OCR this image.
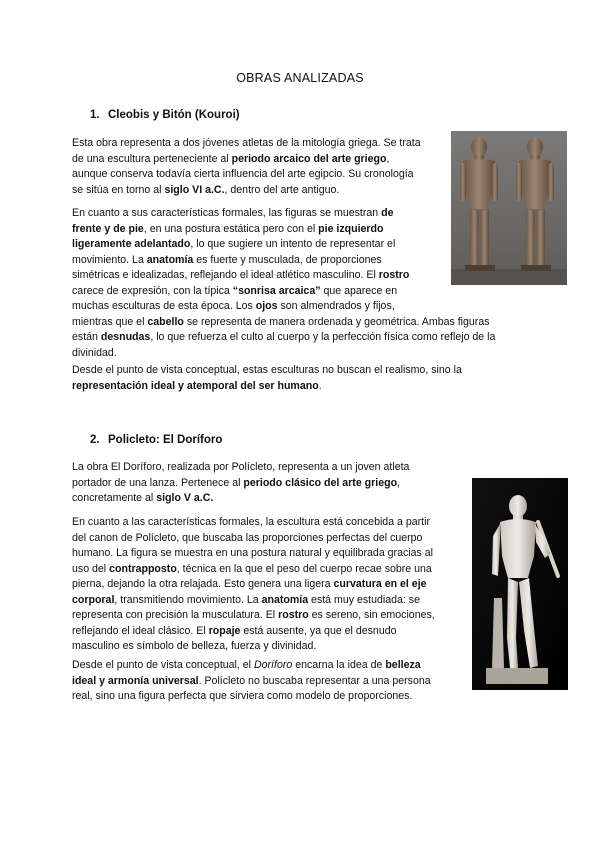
OBRAS ANALIZADAS
1. Cleobis y Bitón (Kouroi)
Esta obra representa a dos jóvenes atletas de la mitología griega. Se trata
de una escultura perteneciente al periodo arcaico del arte griego,
aunque conserva todavía cierta influencia del arte egipcio. Su cronología
se sitúa en torno al siglo VI a.C., dentro del arte antiguo.
En cuanto a sus características formales, las figuras se muestran de
frente y de pie, en una postura estática pero con el pie izquierdo
ligeramente adelantado, lo que sugiere un intento de representar el
movimiento. La anatomía es fuerte y musculada, de proporciones
simétricas e idealizadas, reflejando el ideal atlético masculino. El rostro
carece de expresión, con la típica “sonrisa arcaica” que aparece en
muchas esculturas de esta época. Los ojos son almendrados y fijos,
mientras que el cabello se representa de manera ordenada y geométrica. Ambas figuras
están desnudas, lo que refuerza el culto al cuerpo y la perfección física como reflejo de la
divinidad.
Desde el punto de vista conceptual, estas esculturas no buscan el realismo, sino la
representación ideal y atemporal del ser humano.
2. Policleto: El Doríforo
La obra El Doríforo, realizada por Polícleto, representa a un joven atleta
portador de una lanza. Pertenece al periodo clásico del arte griego,
concretamente al siglo V a.C.
En cuanto a las características formales, la escultura está concebida a partir
del canon de Polícleto, que buscaba las proporciones perfectas del cuerpo
humano. La figura se muestra en una postura natural y equilibrada gracias al
uso del contrapposto, técnica en la que el peso del cuerpo recae sobre una
pierna, dejando la otra relajada. Esto genera una ligera curvatura en el eje
corporal, transmitiendo movimiento. La anatomía está muy estudiada: se
representa con precisión la musculatura. El rostro es sereno, sin emociones,
reflejando el ideal clásico. El ropaje está ausente, ya que el desnudo
masculino es símbolo de belleza, fuerza y divinidad.
Desde el punto de vista conceptual, el Doríforo encarna la idea de belleza
ideal y armonía universal. Polícleto no buscaba representar a una persona
real, sino una figura perfecta que sirviera como modelo de proporciones.
